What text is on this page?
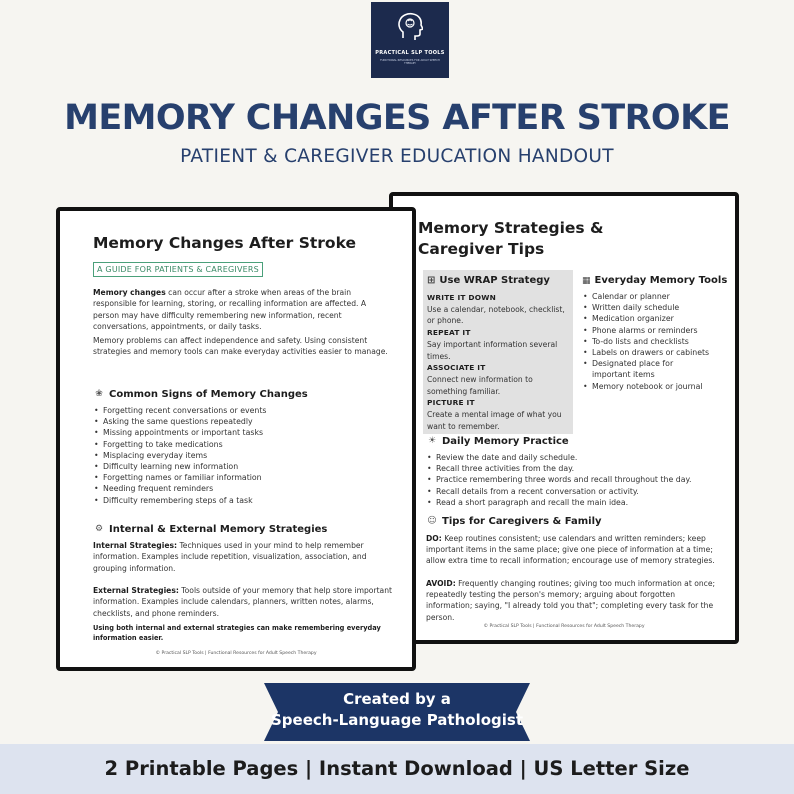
PRACTICAL SLP TOOLS
FUNCTIONAL RESOURCES FOR ADULT SPEECH THERAPY
MEMORY CHANGES AFTER STROKE
PATIENT & CAREGIVER EDUCATION HANDOUT
Memory Strategies &
Caregiver Tips
⊞ Use WRAP Strategy
WRITE IT DOWN
Use a calendar, notebook, checklist, or phone.
REPEAT IT
Say important information several times.
ASSOCIATE IT
Connect new information to something familiar.
PICTURE IT
Create a mental image of what you want to remember.
▦ Everyday Memory Tools
• Calendar or planner
• Written daily schedule
• Medication organizer
• Phone alarms or reminders
• To-do lists and checklists
• Labels on drawers or cabinets
• Designated place for important items
• Memory notebook or journal
☀ Daily Memory Practice
• Review the date and daily schedule.
• Recall three activities from the day.
• Practice remembering three words and recall throughout the day.
• Recall details from a recent conversation or activity.
• Read a short paragraph and recall the main idea.
☺ Tips for Caregivers & Family
DO: Keep routines consistent; use calendars and written reminders; keep important items in the same place; give one piece of information at a time; allow extra time to recall information; encourage use of memory strategies.
AVOID: Frequently changing routines; giving too much information at once; repeatedly testing the person's memory; arguing about forgotten information; saying, "I already told you that"; completing every task for the person.
© Practical SLP Tools | Functional Resources for Adult Speech Therapy
Memory Changes After Stroke
A GUIDE FOR PATIENTS & CAREGIVERS
Memory changes can occur after a stroke when areas of the brain responsible for learning, storing, or recalling information are affected. A person may have difficulty remembering new information, recent conversations, appointments, or daily tasks.
Memory problems can affect independence and safety. Using consistent strategies and memory tools can make everyday activities easier to manage.
❀ Common Signs of Memory Changes
• Forgetting recent conversations or events
• Asking the same questions repeatedly
• Missing appointments or important tasks
• Forgetting to take medications
• Misplacing everyday items
• Difficulty learning new information
• Forgetting names or familiar information
• Needing frequent reminders
• Difficulty remembering steps of a task
⚙ Internal & External Memory Strategies
Internal Strategies: Techniques used in your mind to help remember information. Examples include repetition, visualization, association, and grouping information.
External Strategies: Tools outside of your memory that help store important information. Examples include calendars, planners, written notes, alarms, checklists, and phone reminders.
Using both internal and external strategies can make remembering everyday information easier.
© Practical SLP Tools | Functional Resources for Adult Speech Therapy
Created by a
Speech-Language Pathologist
2 Printable Pages | Instant Download | US Letter Size
